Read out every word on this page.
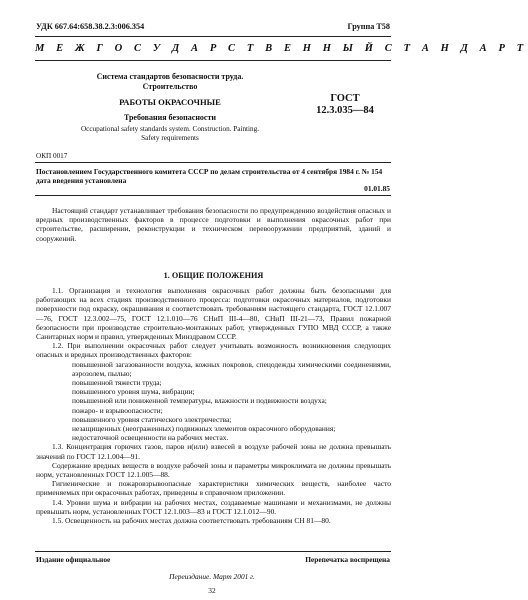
УДК 667.64:658.38.2.3:006.354	Группа Т58
М Е Ж Г О С У Д А Р С Т В Е Н Н Ы Й С Т А Н Д А Р Т
Система стандартов безопасности труда.
Строительство
РАБОТЫ ОКРАСОЧНЫЕ
Требования безопасности
Occupational safety standards system. Construction. Painting.
Safety requirements
ГОСТ
12.3.035—84
ОКП 0017
Постановлением Государственного комитета СССР по делам строительства от 4 сентября 1984 г. № 154 дата введения установлена
01.01.85

Настоящий стандарт устанавливает требования безопасности по предупреждению воздействия опасных и вредных производственных факторов в процессе подготовки и выполнения окрасочных работ при строительстве, расширении, реконструкции и техническом перевооружении предприятий, зданий и сооружений.

1. ОБЩИЕ ПОЛОЖЕНИЯ

1.1. Организация и технология выполнения окрасочных работ должны быть безопасными для работающих на всех стадиях производственного процесса: подготовки окрасочных материалов, подготовки поверхности под окраску, окрашивания и соответствовать требованиям настоящего стандарта, ГОСТ 12.1.007—76, ГОСТ 12.3.002—75, ГОСТ 12.1.010—76 СНиП III-4—80, СНиП III-21—73, Правил пожарной безопасности при производстве строительно-монтажных работ, утвержденных ГУПО МВД СССР, а также Санитарных норм и правил, утвержденных Минздравом СССР.

1.2. При выполнении окрасочных работ следует учитывать возможность возникновения следующих опасных и вредных производственных факторов:

повышенной загазованности воздуха, кожных покровов, спецодежды химическими соединениями, аэрозолем, пылью;

повышенной тяжести труда;

повышенного уровня шума, вибрации;

повышенной или пониженной температуры, влажности и подвижности воздуха;

пожаро- и взрывоопасности;

повышенного уровня статического электричества;

незащищенных (неограженных) подвижных элементов окрасочного оборудования;

недостаточной освещенности на рабочих местах.

1.3. Концентрация горючих газов, паров и(или) взвесей в воздухе рабочей зоны не должна превышать значений по ГОСТ 12.1.004—91.

Содержание вредных веществ в воздухе рабочей зоны и параметры микроклимата не должны превышать норм, установленных ГОСТ 12.1.005—88.

Гигиенические и пожаровзрывоопасные характеристики химических веществ, наиболее часто применяемых при окрасочных работах, приведены в справочном приложении.

1.4. Уровни шума и вибрации на рабочих местах, создаваемые машинами и механизмами, не должны превышать норм, установленных ГОСТ 12.1.003—83 и ГОСТ 12.1.012—90.

1.5. Освещенность на рабочих местах должна соответствовать требованиям СН 81—80.

Издание официальное	Перепечатка воспрещена
Переиздание. Март 2001 г.
32
